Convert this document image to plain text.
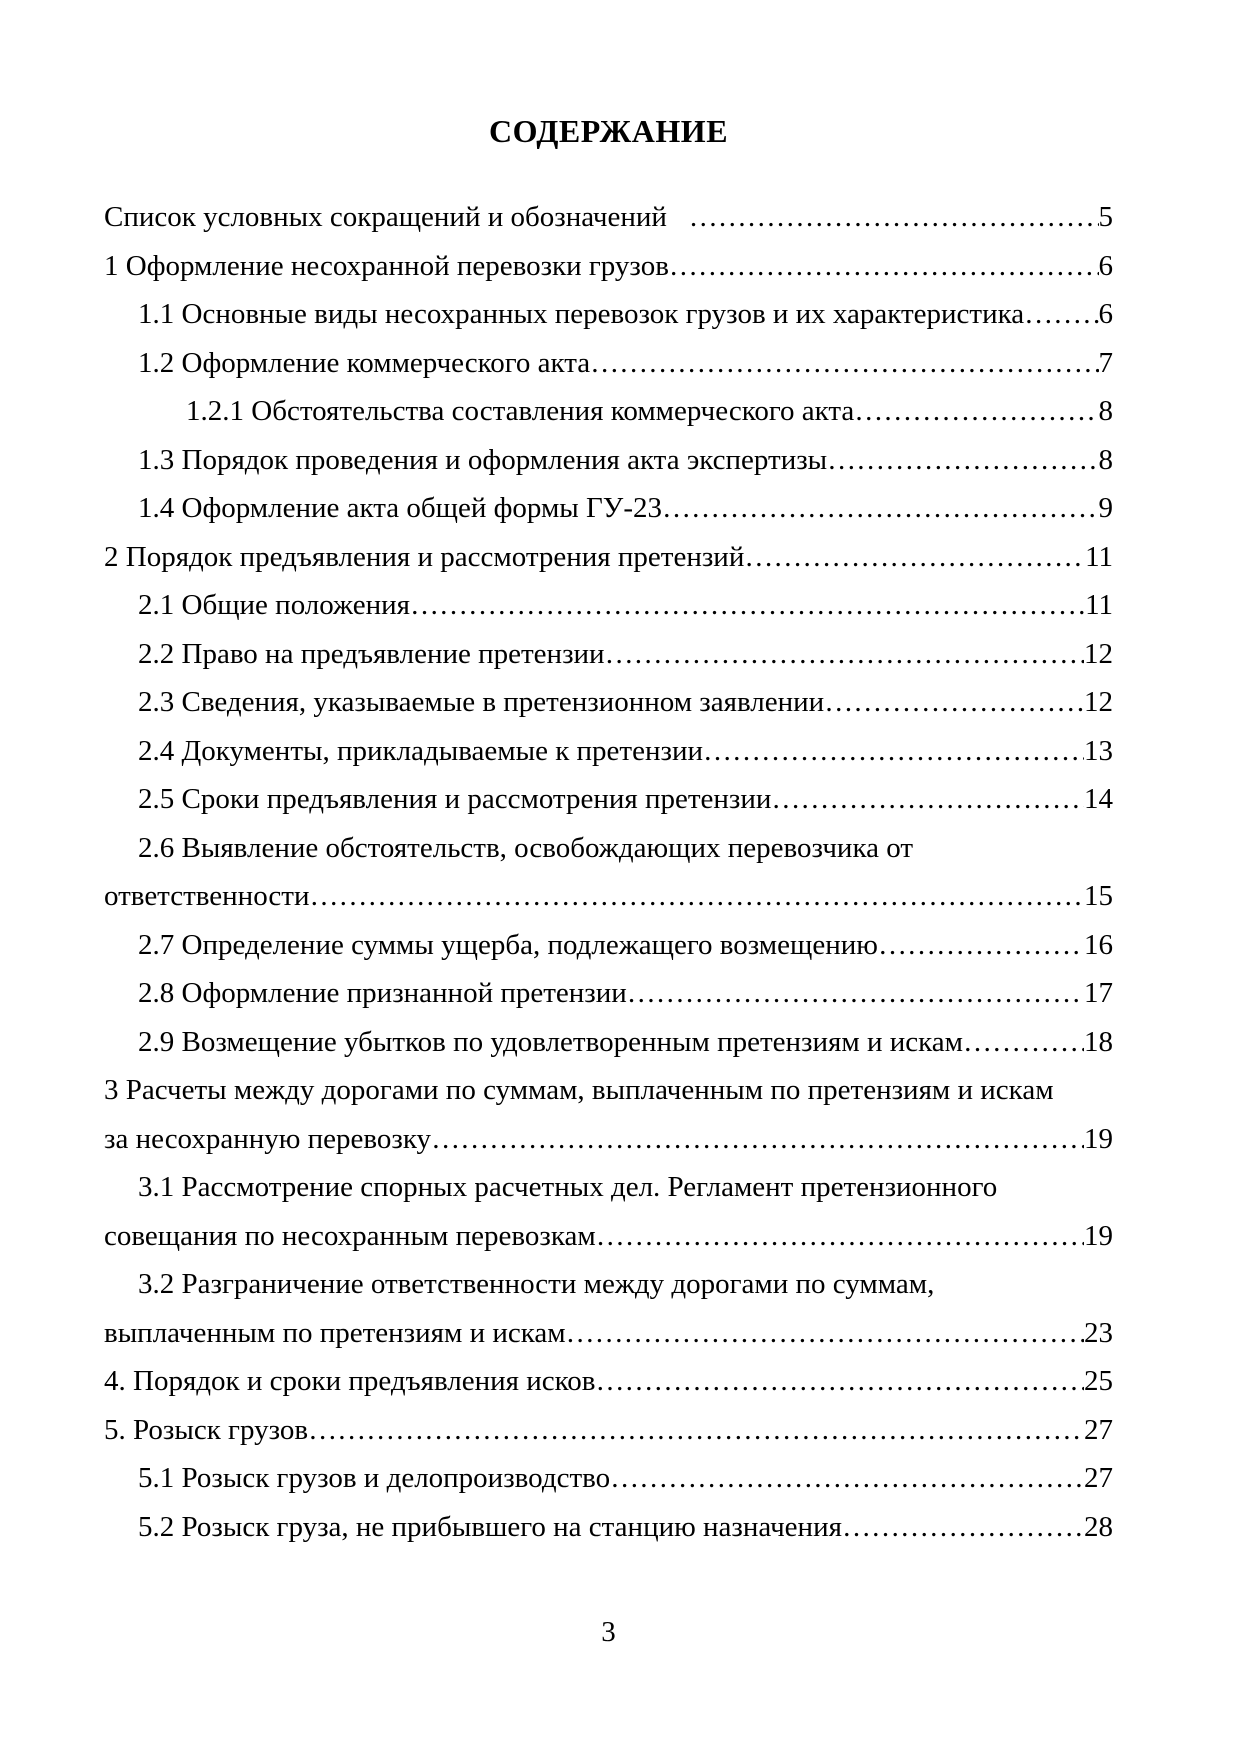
СОДЕРЖАНИЕ
Список условных сокращений и обозначений ……………………………………………………………………………………………………………………………………	5
1 Оформление несохранной перевозки грузов ……………………………………………………………………………………………………………………………………	6
1.1 Основные виды несохранных перевозок грузов и их характеристика ……………………………………………………………………………………………………………………………………	6
1.2 Оформление коммерческого акта ……………………………………………………………………………………………………………………………………	7
1.2.1 Обстоятельства составления коммерческого акта ……………………………………………………………………………………………………………………………………	8
1.3 Порядок проведения и оформления акта экспертизы ……………………………………………………………………………………………………………………………………	8
1.4 Оформление акта общей формы ГУ-23 ……………………………………………………………………………………………………………………………………	9
2 Порядок предъявления и рассмотрения претензий ……………………………………………………………………………………………………………………………………	11
2.1 Общие положения ……………………………………………………………………………………………………………………………………	11
2.2 Право на предъявление претензии ……………………………………………………………………………………………………………………………………	12
2.3 Сведения, указываемые в претензионном заявлении ……………………………………………………………………………………………………………………………………	12
2.4 Документы, прикладываемые к претензии ……………………………………………………………………………………………………………………………………	13
2.5 Сроки предъявления и рассмотрения претензии ……………………………………………………………………………………………………………………………………	14
2.6 Выявление обстоятельств, освобождающих перевозчика от
ответственности ……………………………………………………………………………………………………………………………………	15
2.7 Определение суммы ущерба, подлежащего возмещению ……………………………………………………………………………………………………………………………………	16
2.8 Оформление признанной претензии ……………………………………………………………………………………………………………………………………	17
2.9 Возмещение убытков по удовлетворенным претензиям и искам ……………………………………………………………………………………………………………………………………	18
3 Расчеты между дорогами по суммам, выплаченным по претензиям и искам
за несохранную перевозку ……………………………………………………………………………………………………………………………………	19
3.1 Рассмотрение спорных расчетных дел. Регламент претензионного
совещания по несохранным перевозкам ……………………………………………………………………………………………………………………………………	19
3.2 Разграничение ответственности между дорогами по суммам,
выплаченным по претензиям и искам ……………………………………………………………………………………………………………………………………	23
4. Порядок и сроки предъявления исков ……………………………………………………………………………………………………………………………………	25
5. Розыск грузов ……………………………………………………………………………………………………………………………………	27
5.1 Розыск грузов и делопроизводство ……………………………………………………………………………………………………………………………………	27
5.2 Розыск груза, не прибывшего на станцию назначения ……………………………………………………………………………………………………………………………………	28
3
